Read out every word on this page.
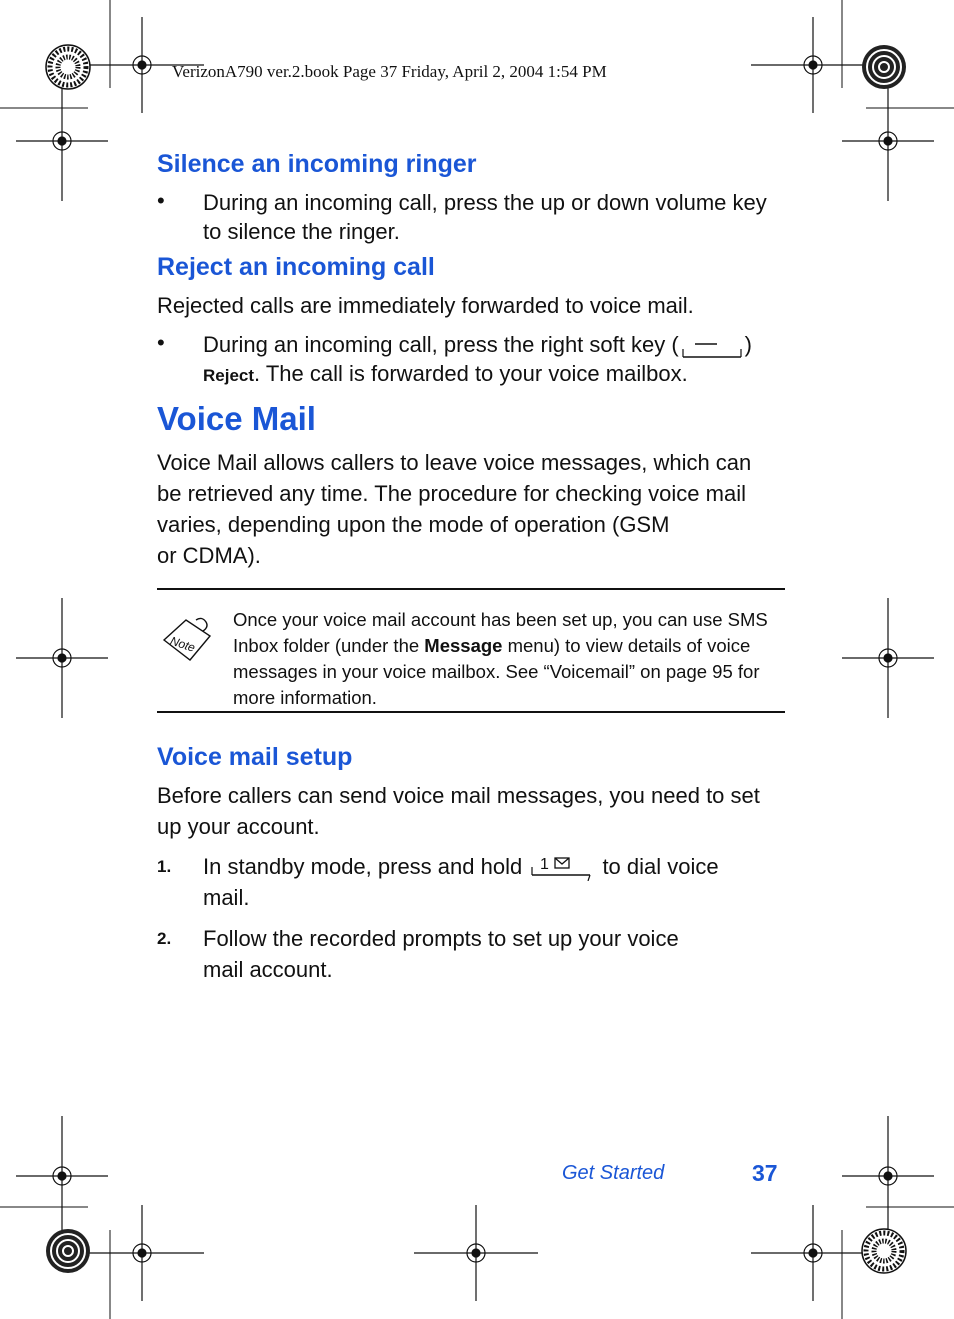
VerizonA790 ver.2.book Page 37 Friday, April 2, 2004 1:54 PM
Silence an incoming ringer
• During an incoming call, press the up or down volume key to silence the ringer.
Reject an incoming call

Rejected calls are immediately forwarded to voice mail.

• During an incoming call, press the right soft key (	)
Reject. The call is forwarded to your voice mailbox.
Voice Mail
Voice Mail allows callers to leave voice messages, which can
be retrieved any time. The procedure for checking voice mail
varies, depending upon the mode of operation (GSM
or CDMA).
Note
Once your voice mail account has been set up, you can use SMS Inbox folder (under the Message menu) to view details of voice messages in your voice mailbox. See “Voicemail” on page 95 for more information.
Voice mail setup

Before callers can send voice mail messages, you need to set up your account.

1. In standby mode, press and hold 1 to dial voice mail.
2. Follow the recorded prompts to set up your voice mail account.
Get Started	37
